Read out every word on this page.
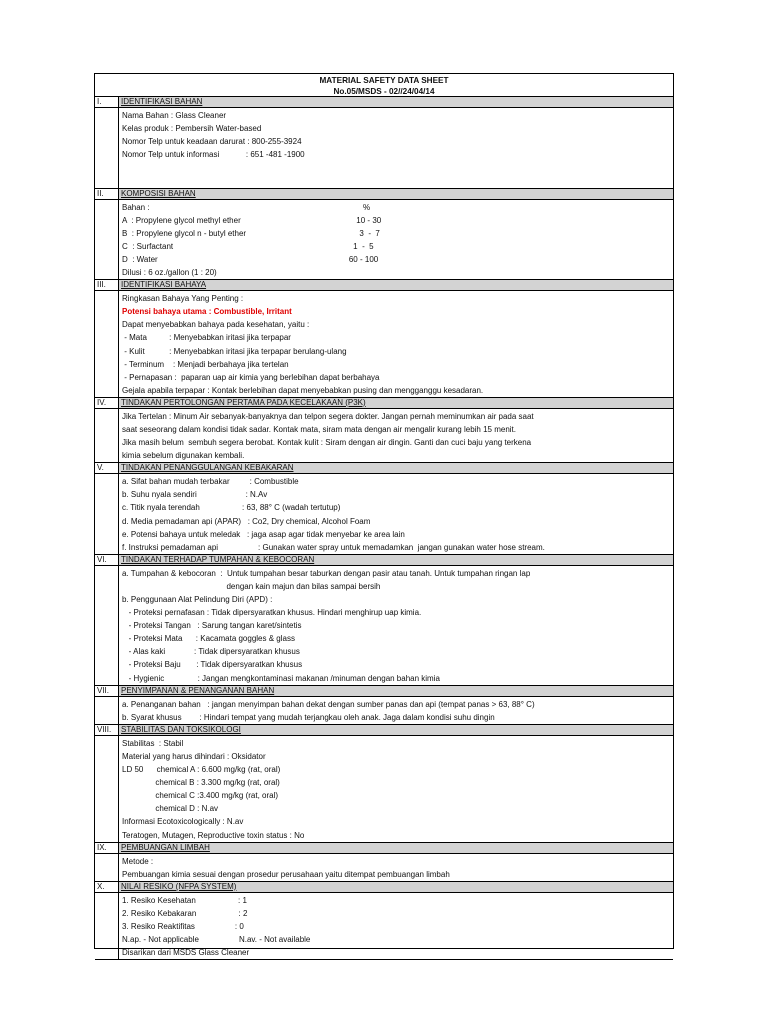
MATERIAL SAFETY DATA SHEET
No.05/MSDS - 02//24/04/14
I.	IDENTIFIKASI BAHAN
Nama Bahan : Glass Cleaner
Kelas produk : Pembersih Water-based
Nomor Telp untuk keadaan darurat : 800-255-3924
Nomor Telp untuk informasi            : 651 -481 -1900
II.	KOMPOSISI BAHAN
Bahan :                                                                                                %
A  : Propylene glycol methyl ether                                                    10 - 30
B  : Propylene glycol n - butyl ether                                                   3  -  7
C  : Surfactant                                                                                 1  -  5
D  : Water                                                                                      60 - 100
Dilusi : 6 oz./gallon (1 : 20)
III.	IDENTIFIKASI BAHAYA
Ringkasan Bahaya Yang Penting :
Potensi bahaya utama : Combustible, Irritant
Dapat menyebabkan bahaya pada kesehatan, yaitu :
- Mata          : Menyebabkan iritasi jika terpapar
- Kulit           : Menyebabkan iritasi jika terpapar berulang-ulang
- Terminum    : Menjadi berbahaya jika tertelan
- Pernapasan :  paparan uap air kimia yang berlebihan dapat berbahaya
Gejala apabila terpapar : Kontak berlebihan dapat menyebabkan pusing dan mengganggu kesadaran.
IV.	TINDAKAN PERTOLONGAN PERTAMA PADA KECELAKAAN (P3K)
Jika Tertelan : Minum Air sebanyak-banyaknya dan telpon segera dokter. Jangan pernah meminumkan air pada saat
saat seseorang dalam kondisi tidak sadar. Kontak mata, siram mata dengan air mengalir kurang lebih 15 menit.
Jika masih belum  sembuh segera berobat. Kontak kulit : Siram dengan air dingin. Ganti dan cuci baju yang terkena
kimia sebelum digunakan kembali.
V.	TINDAKAN PENANGGULANGAN KEBAKARAN
a. Sifat bahan mudah terbakar         : Combustible
b. Suhu nyala sendiri                      : N.Av
c. Titik nyala terendah                   : 63, 88° C (wadah tertutup)
d. Media pemadaman api (APAR)   : Co2, Dry chemical, Alcohol Foam
e. Potensi bahaya untuk meledak   : jaga asap agar tidak menyebar ke area lain
f. Instruksi pemadaman api                  : Gunakan water spray untuk memadamkan  jangan gunakan water hose stream.
VI.	TINDAKAN TERHADAP TUMPAHAN & KEBOCORAN
a. Tumpahan & kebocoran  :  Untuk tumpahan besar taburkan dengan pasir atau tanah. Untuk tumpahan ringan lap
dengan kain majun dan bilas sampai bersih
b. Penggunaan Alat Pelindung Diri (APD) :
- Proteksi pernafasan : Tidak dipersyaratkan khusus. Hindari menghirup uap kimia.
- Proteksi Tangan   : Sarung tangan karet/sintetis
- Proteksi Mata      : Kacamata goggles & glass
- Alas kaki             : Tidak dipersyaratkan khusus
- Proteksi Baju       : Tidak dipersyaratkan khusus
- Hygienic               : Jangan mengkontaminasi makanan /minuman dengan bahan kimia
VII.	PENYIMPANAN & PENANGANAN BAHAN
a. Penanganan bahan   : jangan menyimpan bahan dekat dengan sumber panas dan api (tempat panas > 63, 88° C)
b. Syarat khusus        : Hindari tempat yang mudah terjangkau oleh anak. Jaga dalam kondisi suhu dingin
VIII.	STABILITAS DAN TOKSIKOLOGI
Stabilitas  : Stabil
Material yang harus dihindari : Oksidator
LD 50      chemical A : 6.600 mg/kg (rat, oral)
chemical B : 3.300 mg/kg (rat, oral)
chemical C :3.400 mg/kg (rat, oral)
chemical D : N.av
Informasi Ecotoxicologically : N.av
Teratogen, Mutagen, Reproductive toxin status : No
IX.	PEMBUANGAN LIMBAH
Metode :
Pembuangan kimia sesuai dengan prosedur perusahaan yaitu ditempat pembuangan limbah
X.	NILAI RESIKO (NFPA SYSTEM)
1. Resiko Kesehatan                   : 1
2. Resiko Kebakaran                   : 2
3. Resiko Reaktifitas                  : 0
N.ap. - Not applicable                  N.av. - Not available
Disarikan dari MSDS Glass Cleaner
